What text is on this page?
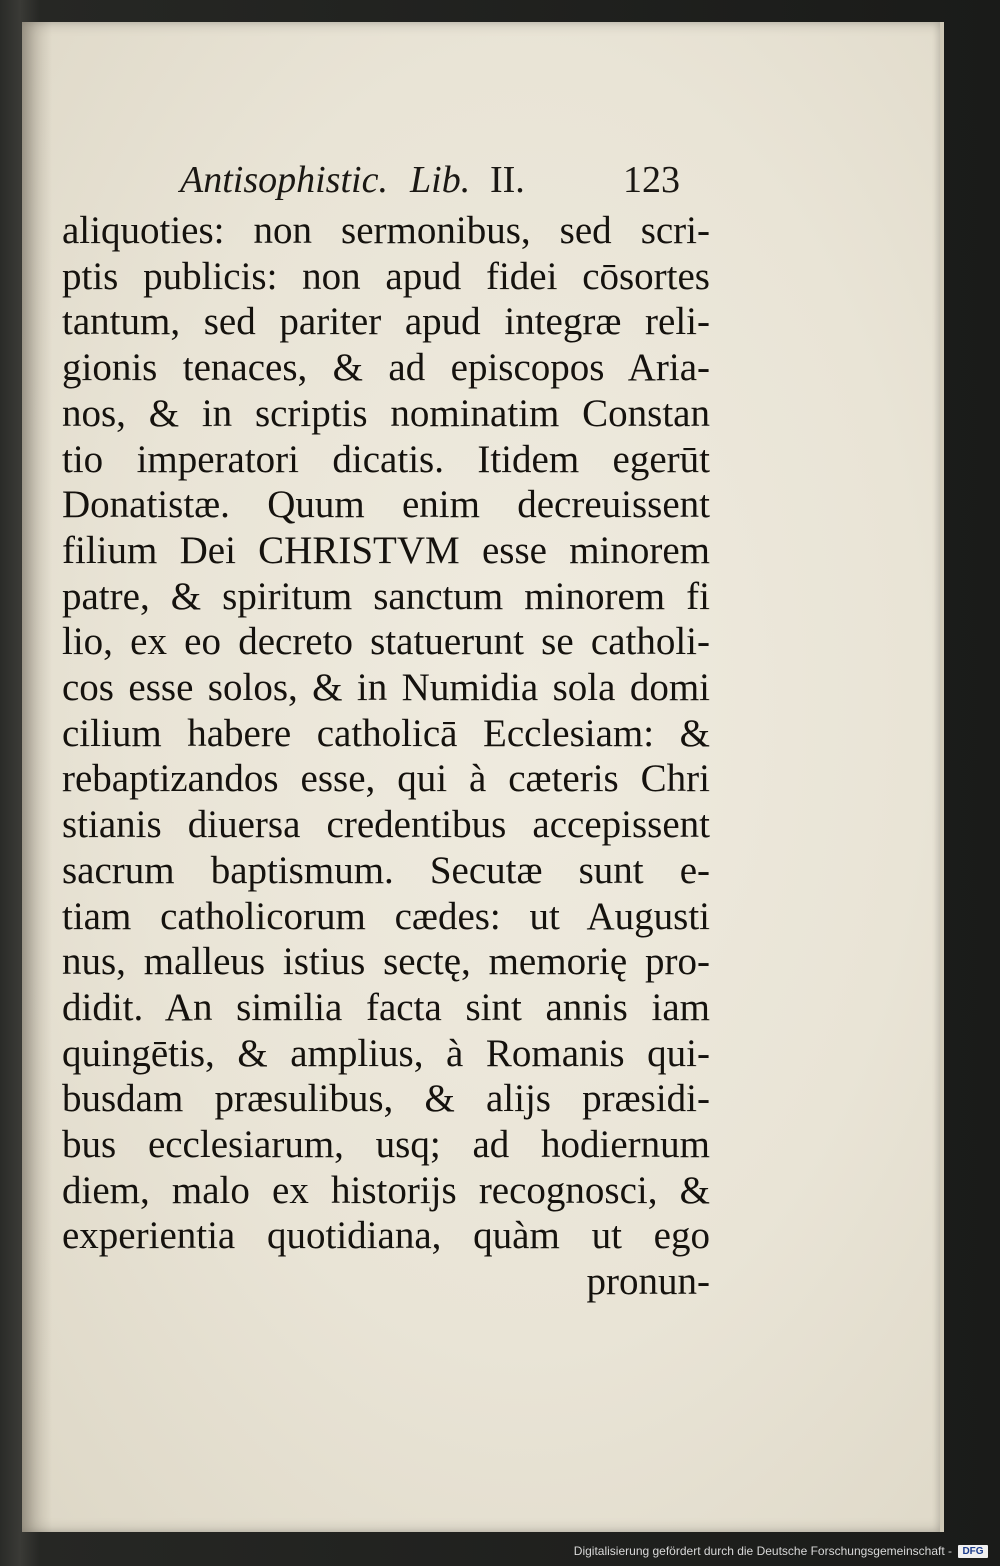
Antisophistic. Lib. II.	123
aliquoties: non sermonibus, sed scri-
ptis publicis: non apud fidei cōsortes
tantum, sed pariter apud integræ reli-
gionis tenaces, & ad episcopos Aria-
nos, & in scriptis nominatim Constan
tio imperatori dicatis. Itidem egerūt
Donatistæ. Quum enim decreuissent
filium Dei CHRISTVM esse minorem
patre, & spiritum sanctum minorem fi
lio, ex eo decreto statuerunt se catholi-
cos esse solos, & in Numidia sola domi
cilium habere catholicā Ecclesiam: &
rebaptizandos esse, qui à cæteris Chri
stianis diuersa credentibus accepissent
sacrum baptismum. Secutæ sunt e-
tiam catholicorum cædes: ut Augusti
nus, malleus istius sectę, memorię pro-
didit. An similia facta sint annis iam
quingētis, & amplius, à Romanis qui-
busdam præsulibus, & alijs præsidi-
bus ecclesiarum, usq; ad hodiernum
diem, malo ex historijs recognosci, &
experientia quotidiana, quàm ut ego
pronun-
Digitalisierung gefördert durch die Deutsche Forschungsgemeinschaft -	DFG
